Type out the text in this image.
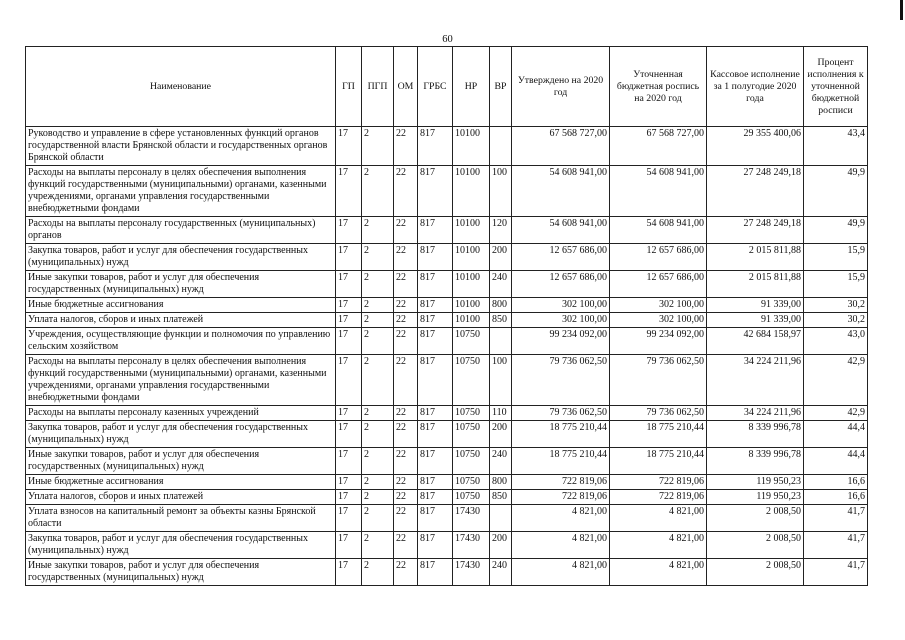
60
Наименование	ГП	ПГП	ОМ	ГРБС	НР	ВР	Утверждено на 2020 год	Уточненная бюджетная роспись на 2020 год	Кассовое исполнение за 1 полугодие 2020 года	Процент исполнения к уточненной бюджетной росписи
Руководство и управление в сфере установленных функций органов государственной власти Брянской области и государственных органов Брянской области	17	2	22	817	10100		67 568 727,00	67 568 727,00	29 355 400,06	43,4
Расходы на выплаты персоналу в целях обеспечения выполнения функций государственными (муниципальными) органами, казенными учреждениями, органами управления государственными внебюджетными фондами	17	2	22	817	10100	100	54 608 941,00	54 608 941,00	27 248 249,18	49,9
Расходы на выплаты персоналу государственных (муниципальных) органов	17	2	22	817	10100	120	54 608 941,00	54 608 941,00	27 248 249,18	49,9
Закупка товаров, работ и услуг для обеспечения государственных (муниципальных) нужд	17	2	22	817	10100	200	12 657 686,00	12 657 686,00	2 015 811,88	15,9
Иные закупки товаров, работ и услуг для обеспечения государственных (муниципальных) нужд	17	2	22	817	10100	240	12 657 686,00	12 657 686,00	2 015 811,88	15,9
Иные бюджетные ассигнования	17	2	22	817	10100	800	302 100,00	302 100,00	91 339,00	30,2
Уплата налогов, сборов и иных платежей	17	2	22	817	10100	850	302 100,00	302 100,00	91 339,00	30,2
Учреждения, осуществляющие функции и полномочия по управлению сельским хозяйством	17	2	22	817	10750		99 234 092,00	99 234 092,00	42 684 158,97	43,0
Расходы на выплаты персоналу в целях обеспечения выполнения функций государственными (муниципальными) органами, казенными учреждениями, органами управления государственными внебюджетными фондами	17	2	22	817	10750	100	79 736 062,50	79 736 062,50	34 224 211,96	42,9
Расходы на выплаты персоналу казенных учреждений	17	2	22	817	10750	110	79 736 062,50	79 736 062,50	34 224 211,96	42,9
Закупка товаров, работ и услуг для обеспечения государственных (муниципальных) нужд	17	2	22	817	10750	200	18 775 210,44	18 775 210,44	8 339 996,78	44,4
Иные закупки товаров, работ и услуг для обеспечения государственных (муниципальных) нужд	17	2	22	817	10750	240	18 775 210,44	18 775 210,44	8 339 996,78	44,4
Иные бюджетные ассигнования	17	2	22	817	10750	800	722 819,06	722 819,06	119 950,23	16,6
Уплата налогов, сборов и иных платежей	17	2	22	817	10750	850	722 819,06	722 819,06	119 950,23	16,6
Уплата взносов на капитальный ремонт за объекты казны Брянской области	17	2	22	817	17430		4 821,00	4 821,00	2 008,50	41,7
Закупка товаров, работ и услуг для обеспечения государственных (муниципальных) нужд	17	2	22	817	17430	200	4 821,00	4 821,00	2 008,50	41,7
Иные закупки товаров, работ и услуг для обеспечения государственных (муниципальных) нужд	17	2	22	817	17430	240	4 821,00	4 821,00	2 008,50	41,7
